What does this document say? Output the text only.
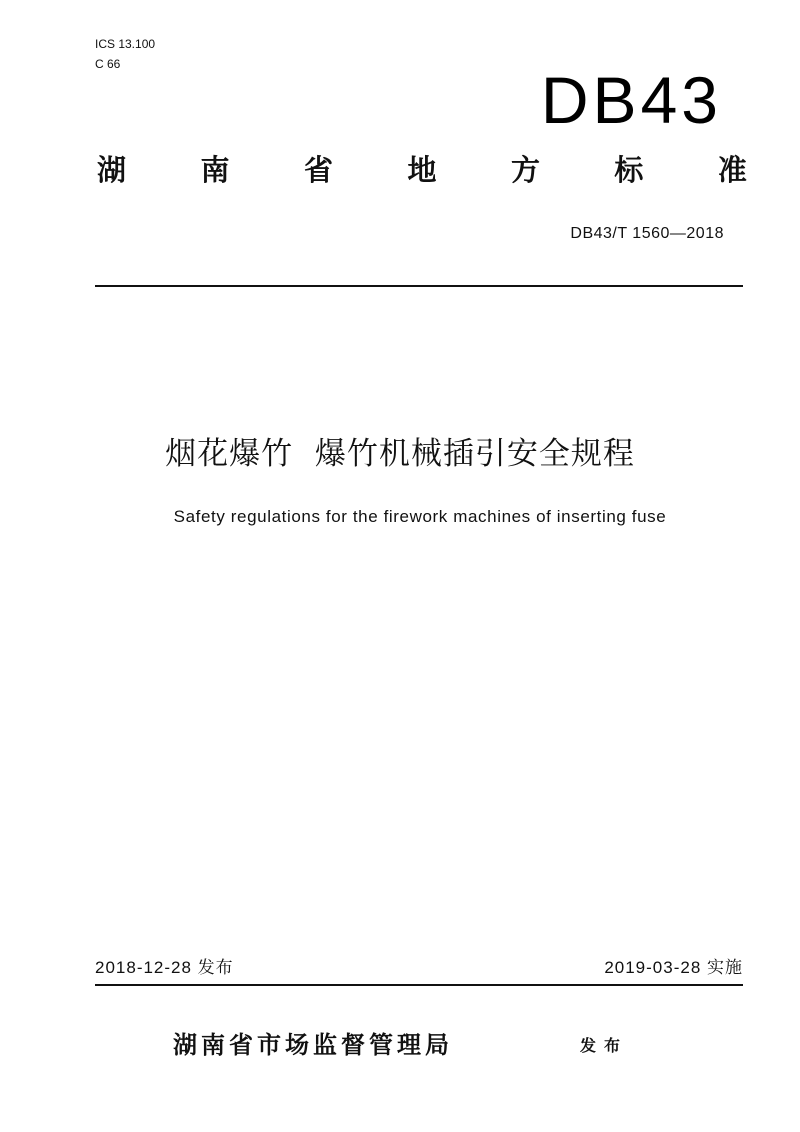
ICS 13.100
C 66	DB43
湖	南	省	地	方	标	准
DB43/T 1560—2018
烟花爆竹  爆竹机械插引安全规程
Safety regulations for the firework machines of inserting fuse
2018-12-28 发布	2019-03-28 实施
湖南省市场监督管理局	发布
